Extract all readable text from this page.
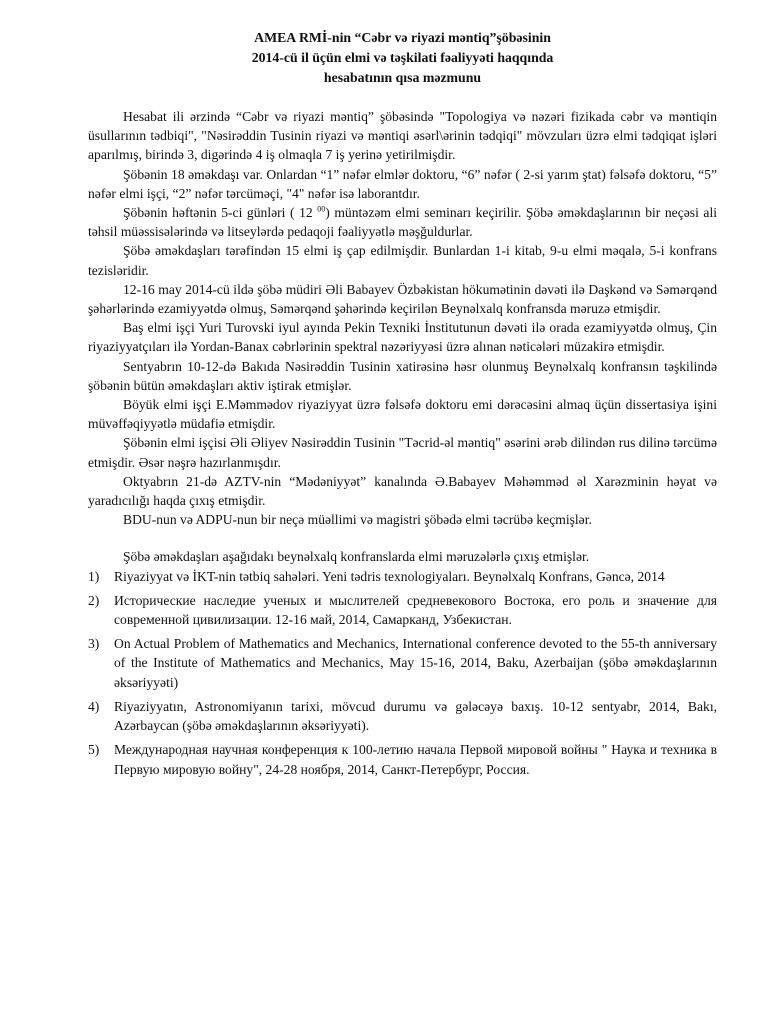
AMEA RMİ-nin “Cəbr və riyazi məntiq”şöbəsinin

2014-cü il üçün elmi və təşkilati fəaliyyəti haqqında

hesabatının qısa məzmunu

Hesabat ili ərzində “Cəbr və riyazi məntiq” şöbəsində "Topologiya və nəzəri fizikada cəbr və məntiqin üsullarının tədbiqi", "Nəsirəddin Tusinin riyazi və məntiqi əsərl\ərinin tədqiqi" mövzuları üzrə elmi tədqiqat işləri aparılmış, birində 3, digərində 4 iş olmaqla 7 iş yerinə yetirilmişdir.

Şöbənin 18 əməkdaşı var. Onlardan “1” nəfər elmlər doktoru, “6” nəfər ( 2-si yarım ştat) fəlsəfə doktoru, “5” nəfər elmi işçi, “2” nəfər tərcüməçi, "4" nəfər isə laborantdır.

Şöbənin həftənin 5-ci günləri ( 12 $^{00}$) müntəzəm elmi seminarı keçirilir. Şöbə əməkdaşlarının bir neçəsi ali təhsil müəssisələrində və litseylərdə pedaqoji fəaliyyətlə məşğuldurlar.

Şöbə əməkdaşları tərəfindən 15 elmi iş çap edilmişdir. Bunlardan 1-i kitab, 9-u elmi məqalə, 5-i konfrans tezisləridir.

12-16 may 2014-cü ildə şöbə müdiri Əli Babayev Özbəkistan hökumətinin dəvəti ilə Daşkənd və Səmərqənd şəhərlərində ezamiyyətdə olmuş, Səmərqənd şəhərində keçirilən Beynəlxalq konfransda məruzə etmişdir.

Baş elmi işçi Yuri Turovski iyul ayında Pekin Texniki İnstitutunun dəvəti ilə orada ezamiyyətdə olmuş, Çin riyaziyyatçıları ilə Yordan-Banax cəbrlərinin spektral nəzəriyyəsi üzrə alınan nəticələri müzakirə etmişdir.

Sentyabrın 10-12-də Bakıda Nəsirəddin Tusinin xatirəsinə həsr olunmuş Beynəlxalq konfransın təşkilində şöbənin bütün əməkdaşları aktiv iştirak etmişlər.

Böyük elmi işçi E.Məmmədov riyaziyyat üzrə fəlsəfə doktoru emi dərəcəsini almaq üçün dissertasiya işini müvəffəqiyyətlə müdafiə etmişdir.

Şöbənin elmi işçisi Əli Əliyev Nəsirəddin Tusinin "Təcrid-əl məntiq" əsərini ərəb dilindən rus dilinə tərcümə etmişdir. Əsər nəşrə hazırlanmışdır.

Oktyabrın 21-də AZTV-nin “Mədəniyyət” kanalında Ə.Babayev Məhəmməd əl Xarəzminin həyat və yaradıcılığı haqda çıxış etmişdir.

BDU-nun və ADPU-nun bir neçə müəllimi və magistri şöbədə elmi təcrübə keçmişlər.

Şöbə əməkdaşları aşağıdakı beynəlxalq konfranslarda elmi məruzələrlə çıxış etmişlər.

1) Riyaziyyat və İKT-nin tətbiq sahələri. Yeni tədris texnologiyaları. Beynəlxalq Konfrans, Gəncə, 2014
2) Исторические наследие ученых и мыслителей средневекового Востока, его роль и значение для современной цивилизации. 12-16 май, 2014, Самарканд, Узбекистан.
3) On Actual Problem of Mathematics and Mechanics, International conference devoted to the 55-th anniversary of the Institute of Mathematics and Mechanics, May 15-16, 2014, Baku, Azerbaijan (şöbə əməkdaşlarının əksəriyyəti)
4) Riyaziyyatın, Astronomiyanın tarixi, mövcud durumu və gələcəyə baxış. 10-12 sentyabr, 2014, Bakı, Azərbaycan (şöbə əməkdaşlarının əksəriyyəti).
5) Международная научная конференция к 100-летию начала Первой мировой войны " Наука и техника в Первую мировую войну", 24-28 ноября, 2014, Санкт-Петербург, Россия.
